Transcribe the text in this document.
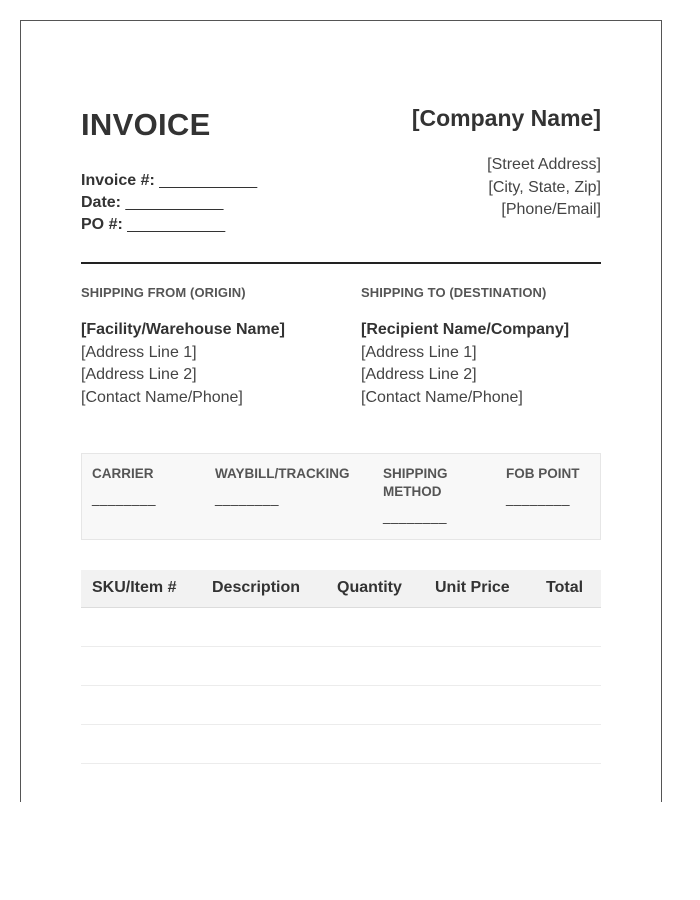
INVOICE
Invoice #: ___________
Date: ___________
PO #: ___________
[Company Name]
[Street Address]
[City, State, Zip]
[Phone/Email]
SHIPPING FROM (ORIGIN)
[Facility/Warehouse Name]
[Address Line 1]
[Address Line 2]
[Contact Name/Phone]
SHIPPING TO (DESTINATION)
[Recipient Name/Company]
[Address Line 1]
[Address Line 2]
[Contact Name/Phone]
CARRIER
________
WAYBILL/TRACKING
________
SHIPPING METHOD
________
FOB POINT
________
SKU/Item # Description Quantity Unit Price Total
